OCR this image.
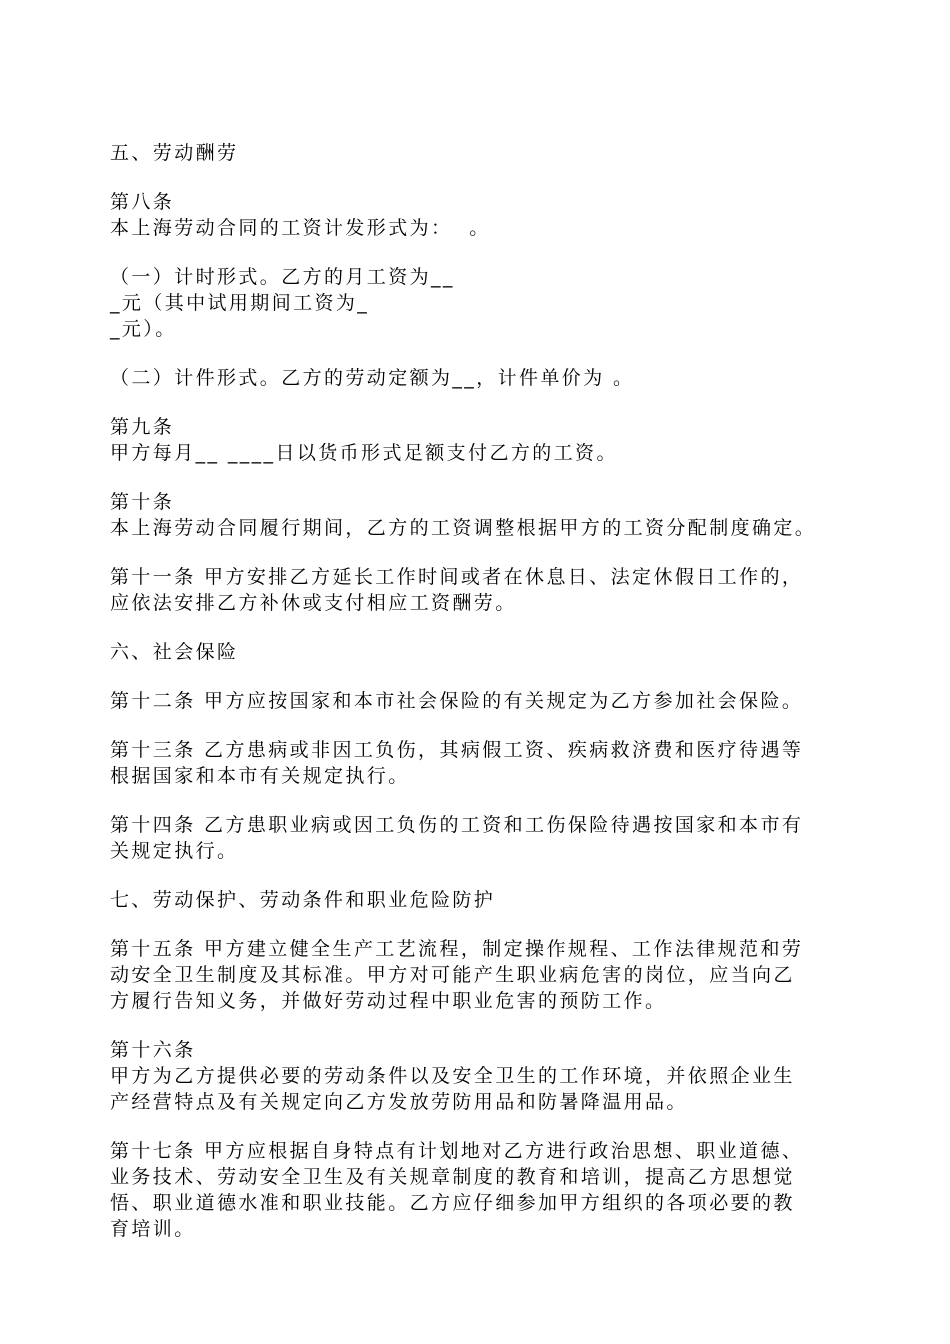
五、劳动酬劳

第八条
本上海劳动合同的工资计发形式为：  。

（一）计时形式。乙方的月工资为__
_元（其中试用期间工资为_
_元）。

（二）计件形式。乙方的劳动定额为__，计件单价为 。

第九条
甲方每月__ ____日以货币形式足额支付乙方的工资。

第十条
本上海劳动合同履行期间，乙方的工资调整根据甲方的工资分配制度确定。

第十一条 甲方安排乙方延长工作时间或者在休息日、法定休假日工作的，
应依法安排乙方补休或支付相应工资酬劳。

六、社会保险

第十二条 甲方应按国家和本市社会保险的有关规定为乙方参加社会保险。

第十三条 乙方患病或非因工负伤，其病假工资、疾病救济费和医疗待遇等
根据国家和本市有关规定执行。

第十四条 乙方患职业病或因工负伤的工资和工伤保险待遇按国家和本市有
关规定执行。

七、劳动保护、劳动条件和职业危险防护

第十五条 甲方建立健全生产工艺流程，制定操作规程、工作法律规范和劳
动安全卫生制度及其标准。甲方对可能产生职业病危害的岗位，应当向乙
方履行告知义务，并做好劳动过程中职业危害的预防工作。

第十六条
甲方为乙方提供必要的劳动条件以及安全卫生的工作环境，并依照企业生
产经营特点及有关规定向乙方发放劳防用品和防暑降温用品。

第十七条 甲方应根据自身特点有计划地对乙方进行政治思想、职业道德、
业务技术、劳动安全卫生及有关规章制度的教育和培训，提高乙方思想觉
悟、职业道德水准和职业技能。乙方应仔细参加甲方组织的各项必要的教
育培训。
